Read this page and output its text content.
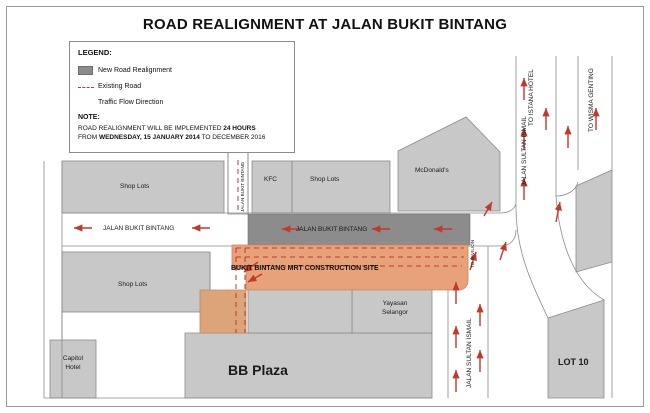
ROAD REALIGNMENT AT JALAN BUKIT BINTANG
LEGEND:
New Road Realignment
Existing Road
Traffic Flow Direction
NOTE:
ROAD REALIGNMENT WILL BE IMPLEMENTED 24 HOURS
FROM WEDNESDAY, 15 JANUARY 2014 TO DECEMBER 2016
Shop Lots
KFC	Shop Lots
McDonald's
Shop Lots
Yayasan
Selangor
Capitol
Hotel	BB Plaza	LOT 10
JALAN BUKIT BINTANG	JALAN BUKIT BINTANG
JALAN SULTAN ISMAIL
JALAN SULTAN ISMAIL
JALAN BUKIT BINTANG
TO ISTANA HOTEL
TO PAVILION
TO WISMA GENTING
BUKIT BINTANG MRT CONSTRUCTION SITE
